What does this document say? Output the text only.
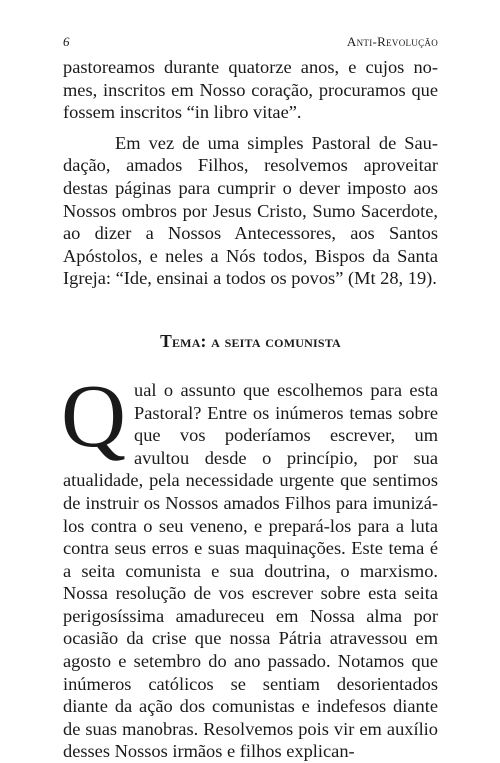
6	Anti-Revolução

pastoreamos durante quatorze anos, e cujos nomes, inscritos em Nosso coração, procuramos que fossem inscritos “in libro vitae”.

Em vez de uma simples Pastoral de Saudação, amados Filhos, resolvemos aproveitar destas páginas para cumprir o dever imposto aos Nossos ombros por Jesus Cristo, Sumo Sacerdote, ao dizer a Nossos Antecessores, aos Santos Apóstolos, e neles a Nós todos, Bispos da Santa Igreja: “Ide, ensinai a todos os povos” (Mt 28, 19).

Tema: a seita comunista
Qual o assunto que escolhemos para esta Pastoral? Entre os inúmeros temas sobre que vos poderíamos escrever, um avultou desde o princípio, por sua atualidade, pela necessidade urgente que sentimos de instruir os Nossos amados Filhos para imunizá-los contra o seu veneno, e prepará-los para a luta contra seus erros e suas maquinações. Este tema é a seita comunista e sua doutrina, o marxismo. Nossa resolução de vos escrever sobre esta seita perigosíssima amadureceu em Nossa alma por ocasião da crise que nossa Pátria atravessou em agosto e setembro do ano passado. Notamos que inúmeros católicos se sentiam desorientados diante da ação dos comunistas e indefesos diante de suas manobras. Resolvemos pois vir em auxílio desses Nossos irmãos e filhos explican-
